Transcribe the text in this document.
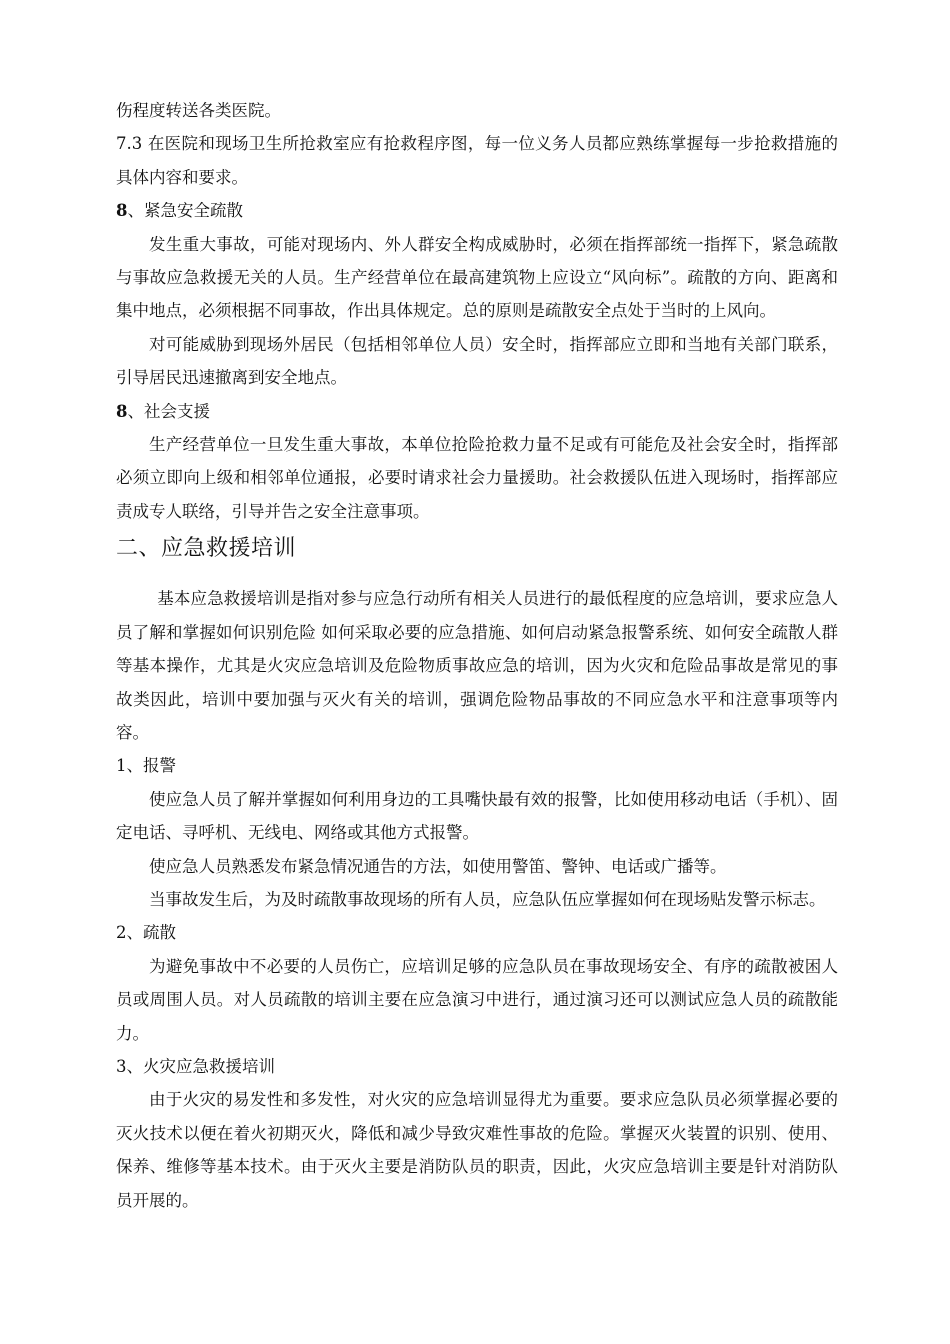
伤程度转送各类医院。

7.3 在医院和现场卫生所抢救室应有抢救程序图，每一位义务人员都应熟练掌握每一步抢救措施的具体内容和要求。

8、紧急安全疏散

发生重大事故，可能对现场内、外人群安全构成威胁时，必须在指挥部统一指挥下，紧急疏散与事故应急救援无关的人员。生产经营单位在最高建筑物上应设立“风向标”。疏散的方向、距离和集中地点，必须根据不同事故，作出具体规定。总的原则是疏散安全点处于当时的上风向。

对可能威胁到现场外居民（包括相邻单位人员）安全时，指挥部应立即和当地有关部门联系，引导居民迅速撤离到安全地点。

8、社会支援

生产经营单位一旦发生重大事故，本单位抢险抢救力量不足或有可能危及社会安全时，指挥部必须立即向上级和相邻单位通报，必要时请求社会力量援助。社会救援队伍进入现场时，指挥部应责成专人联络，引导并告之安全注意事项。

二、应急救援培训

基本应急救援培训是指对参与应急行动所有相关人员进行的最低程度的应急培训，要求应急人员了解和掌握如何识别危险 如何采取必要的应急措施、如何启动紧急报警系统、如何安全疏散人群等基本操作，尤其是火灾应急培训及危险物质事故应急的培训，因为火灾和危险品事故是常见的事故类因此，培训中要加强与灭火有关的培训，强调危险物品事故的不同应急水平和注意事项等内容。

1、报警

使应急人员了解并掌握如何利用身边的工具嘴快最有效的报警，比如使用移动电话（手机）、固定电话、寻呼机、无线电、网络或其他方式报警。

使应急人员熟悉发布紧急情况通告的方法，如使用警笛、警钟、电话或广播等。

当事故发生后，为及时疏散事故现场的所有人员，应急队伍应掌握如何在现场贴发警示标志。

2、疏散

为避免事故中不必要的人员伤亡，应培训足够的应急队员在事故现场安全、有序的疏散被困人员或周围人员。对人员疏散的培训主要在应急演习中进行，通过演习还可以测试应急人员的疏散能力。

3、火灾应急救援培训

由于火灾的易发性和多发性，对火灾的应急培训显得尤为重要。要求应急队员必须掌握必要的灭火技术以便在着火初期灭火，降低和减少导致灾难性事故的危险。掌握灭火装置的识别、使用、保养、维修等基本技术。由于灭火主要是消防队员的职责，因此，火灾应急培训主要是针对消防队员开展的。
